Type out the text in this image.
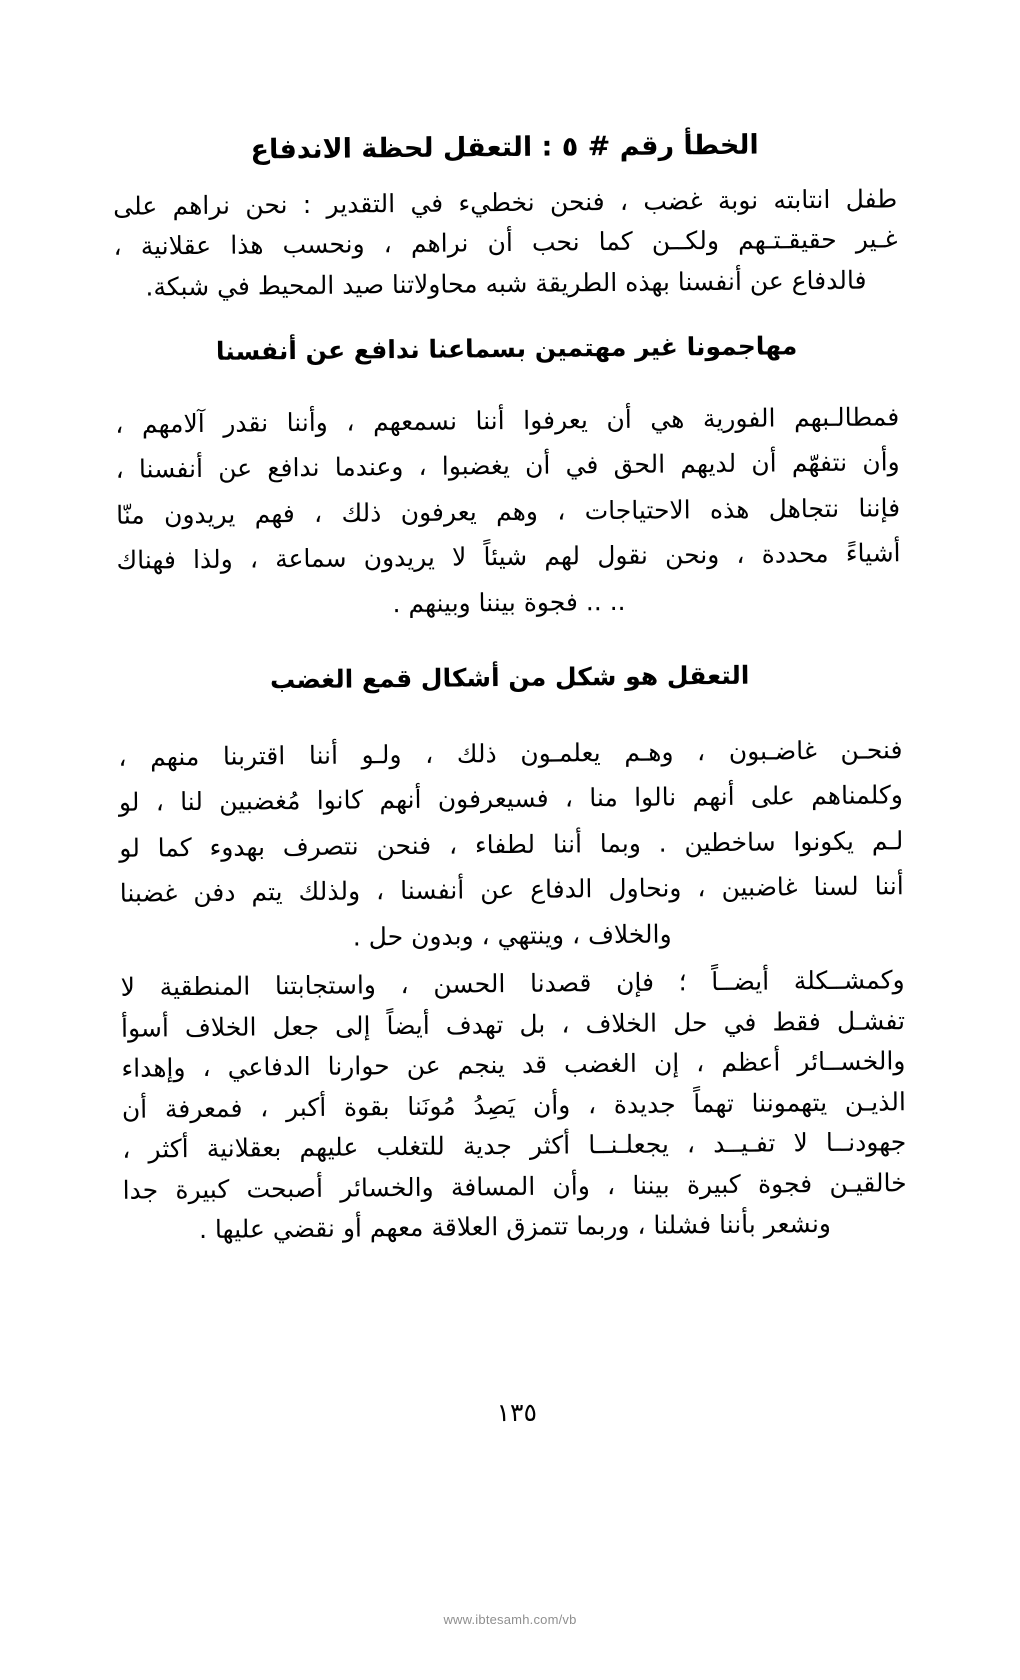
الخطأ رقم # ٥ : التعقل لحظة الاندفاع

طفل انتابته نوبة غضب ، فنحن نخطيء في التقدير : نحن نراهم على

غـير حقيقـتـهم ولكــن كما نحب أن نراهم ، ونحسب هذا عقلانية ،

فالدفاع عن أنفسنا بهذه الطريقة شبه محاولاتنا صيد المحيط في شبكة.

مهاجمونا غير مهتمين بسماعنا ندافع عن أنفسنا

فمطالـبهم الفورية هي أن يعرفوا أننا نسمعهم ، وأننا نقدر آلامهم ،

وأن نتفهّم أن لديهم الحق في أن يغضبوا ، وعندما ندافع عن أنفسنا ،

فإننا نتجاهل هذه الاحتياجات ، وهم يعرفون ذلك ، فهم يريدون منّا

أشياءً محددة ، ونحن نقول لهم شيئاً لا يريدون سماعة ، ولذا فهناك

.. .. فجوة بيننا وبينهم .

التعقل هو شكل من أشكال قمع الغضب

فنحـن غاضـبون ، وهـم يعلمـون ذلك ، ولـو أننا اقتربنا منهم ،

وكلمناهم على أنهم نالوا منا ، فسيعرفون أنهم كانوا مُغضبين لنا ، لو

لـم يكونوا ساخطين . وبما أننا لطفاء ، فنحن نتصرف بهدوء كما لو

أننا لسنا غاضبين ، ونحاول الدفاع عن أنفسنا ، ولذلك يتم دفن غضبنا

والخلاف ، وينتهي ، وبدون حل .

وكمشــكلة أيضــاً ؛ فإن قصدنا الحسن ، واستجابتنا المنطقية لا

تفشـل فقط في حل الخلاف ، بل تهدف أيضاً إلى جعل الخلاف أسوأ

والخســائر أعظم ، إن الغضب قد ينجم عن حوارنا الدفاعي ، وإهداء

الذيـن يتهموننا تهماً جديدة ، وأن يَصِدُ مُونَنا بقوة أكبر ، فمعرفة أن

جهودنــا لا تفـيــد ، يجعلـنــا أكثر جدية للتغلب عليهم بعقلانية أكثر ،

خالقيـن فجوة كبيرة بيننا ، وأن المسافة والخسائر أصبحت كبيرة جدا

ونشعر بأننا فشلنا ، وربما تتمزق العلاقة معهم أو نقضي عليها .

١٣٥
www.ibtesamh.com/vb
